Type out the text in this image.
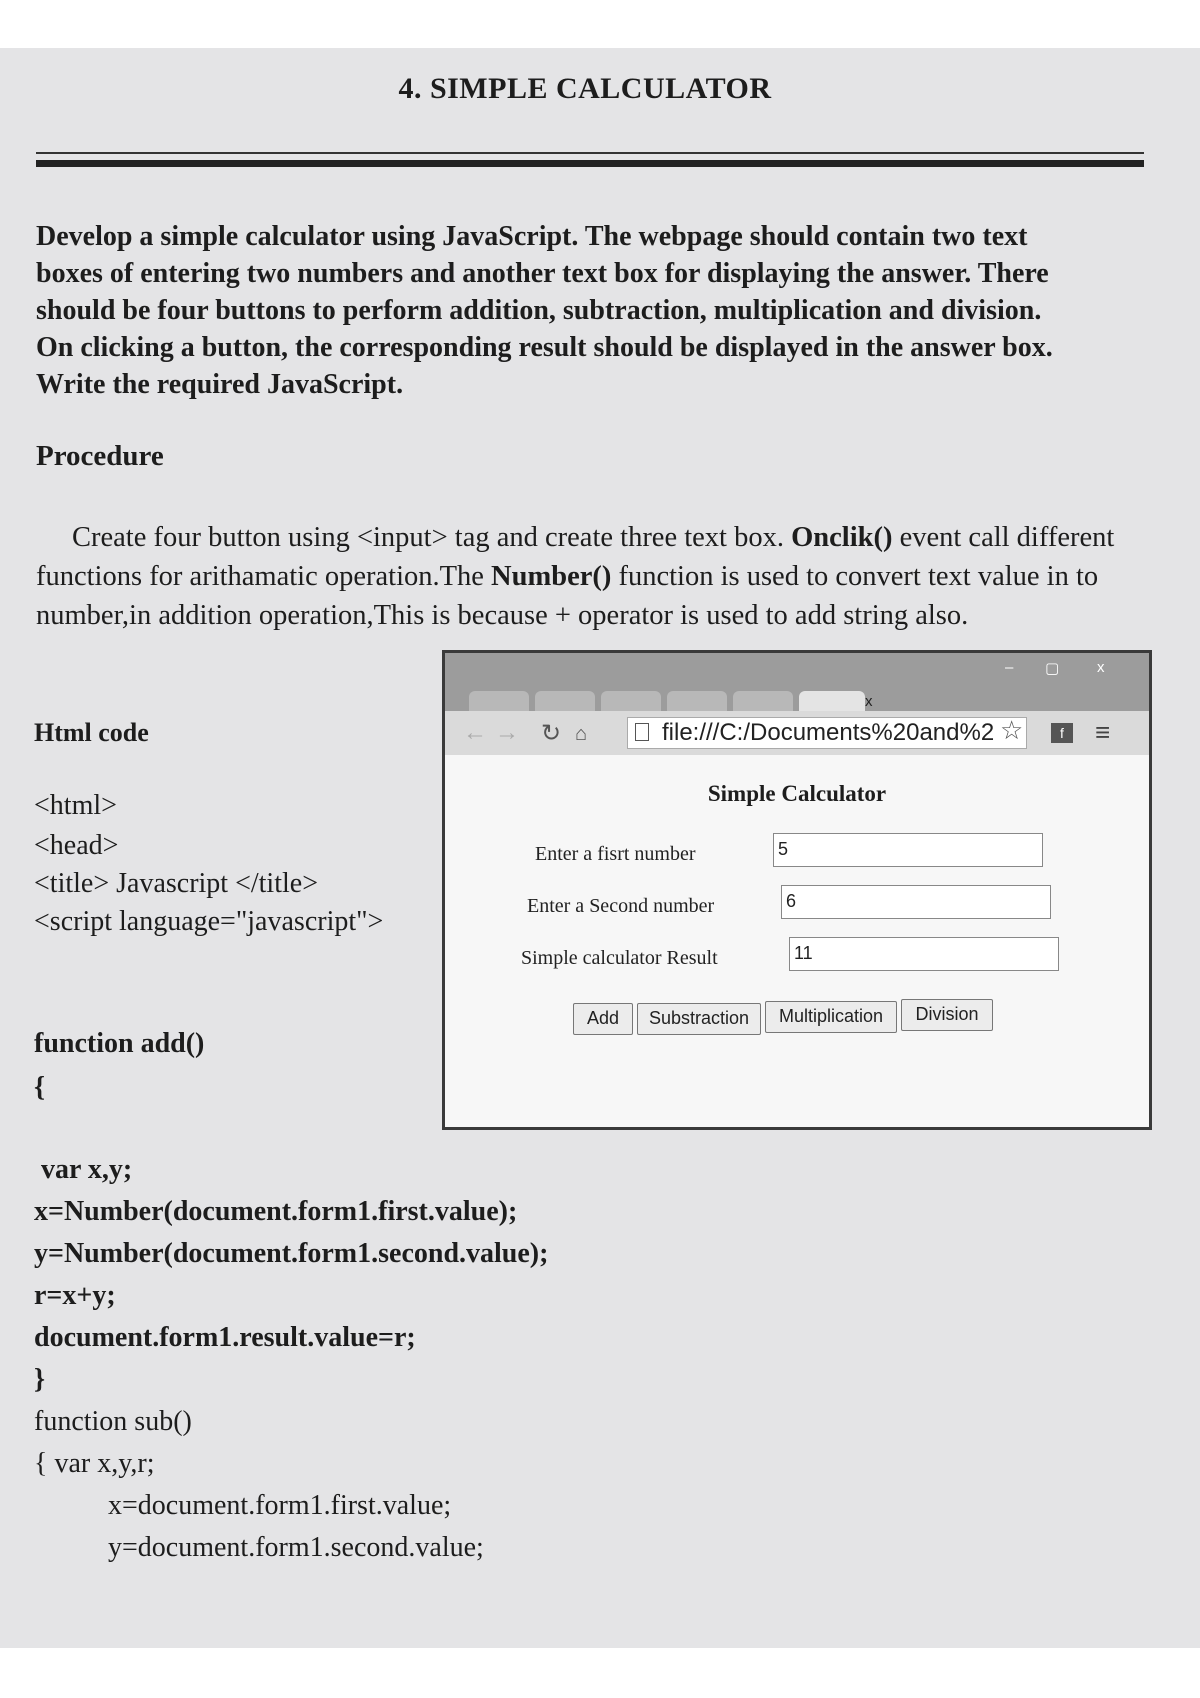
4. SIMPLE CALCULATOR
Develop a simple calculator using JavaScript. The webpage should contain two text
boxes of entering two numbers and another text box for displaying the answer. There
should be four buttons to perform addition, subtraction, multiplication and division.
On clicking a button, the corresponding result should be displayed in the answer box.
Write the required JavaScript.
Procedure
Create four button using <input> tag and create three text box. Onclik() event call different
functions for arithamatic operation.The Number() function is used to convert text value in to
number,in addition operation,This is because + operator is used to add string also.
Html code
<html>
<head>
<title> Javascript </title>
<script language="javascript">
function add()
{
var x,y;
x=Number(document.form1.first.value);
y=Number(document.form1.second.value);
r=x+y;
document.form1.result.value=r;
}
function sub()
{ var x,y,r;
x=document.form1.first.value;
y=document.form1.second.value;
x
– ▢	x
← → ↻ ⌂	file:///C:/Documents%20and%2 ☆	f	≡
Simple Calculator
Enter a fisrt number	5
Enter a Second number	6
Simple calculator Result	11
Add	Substraction	Multiplication	Division
